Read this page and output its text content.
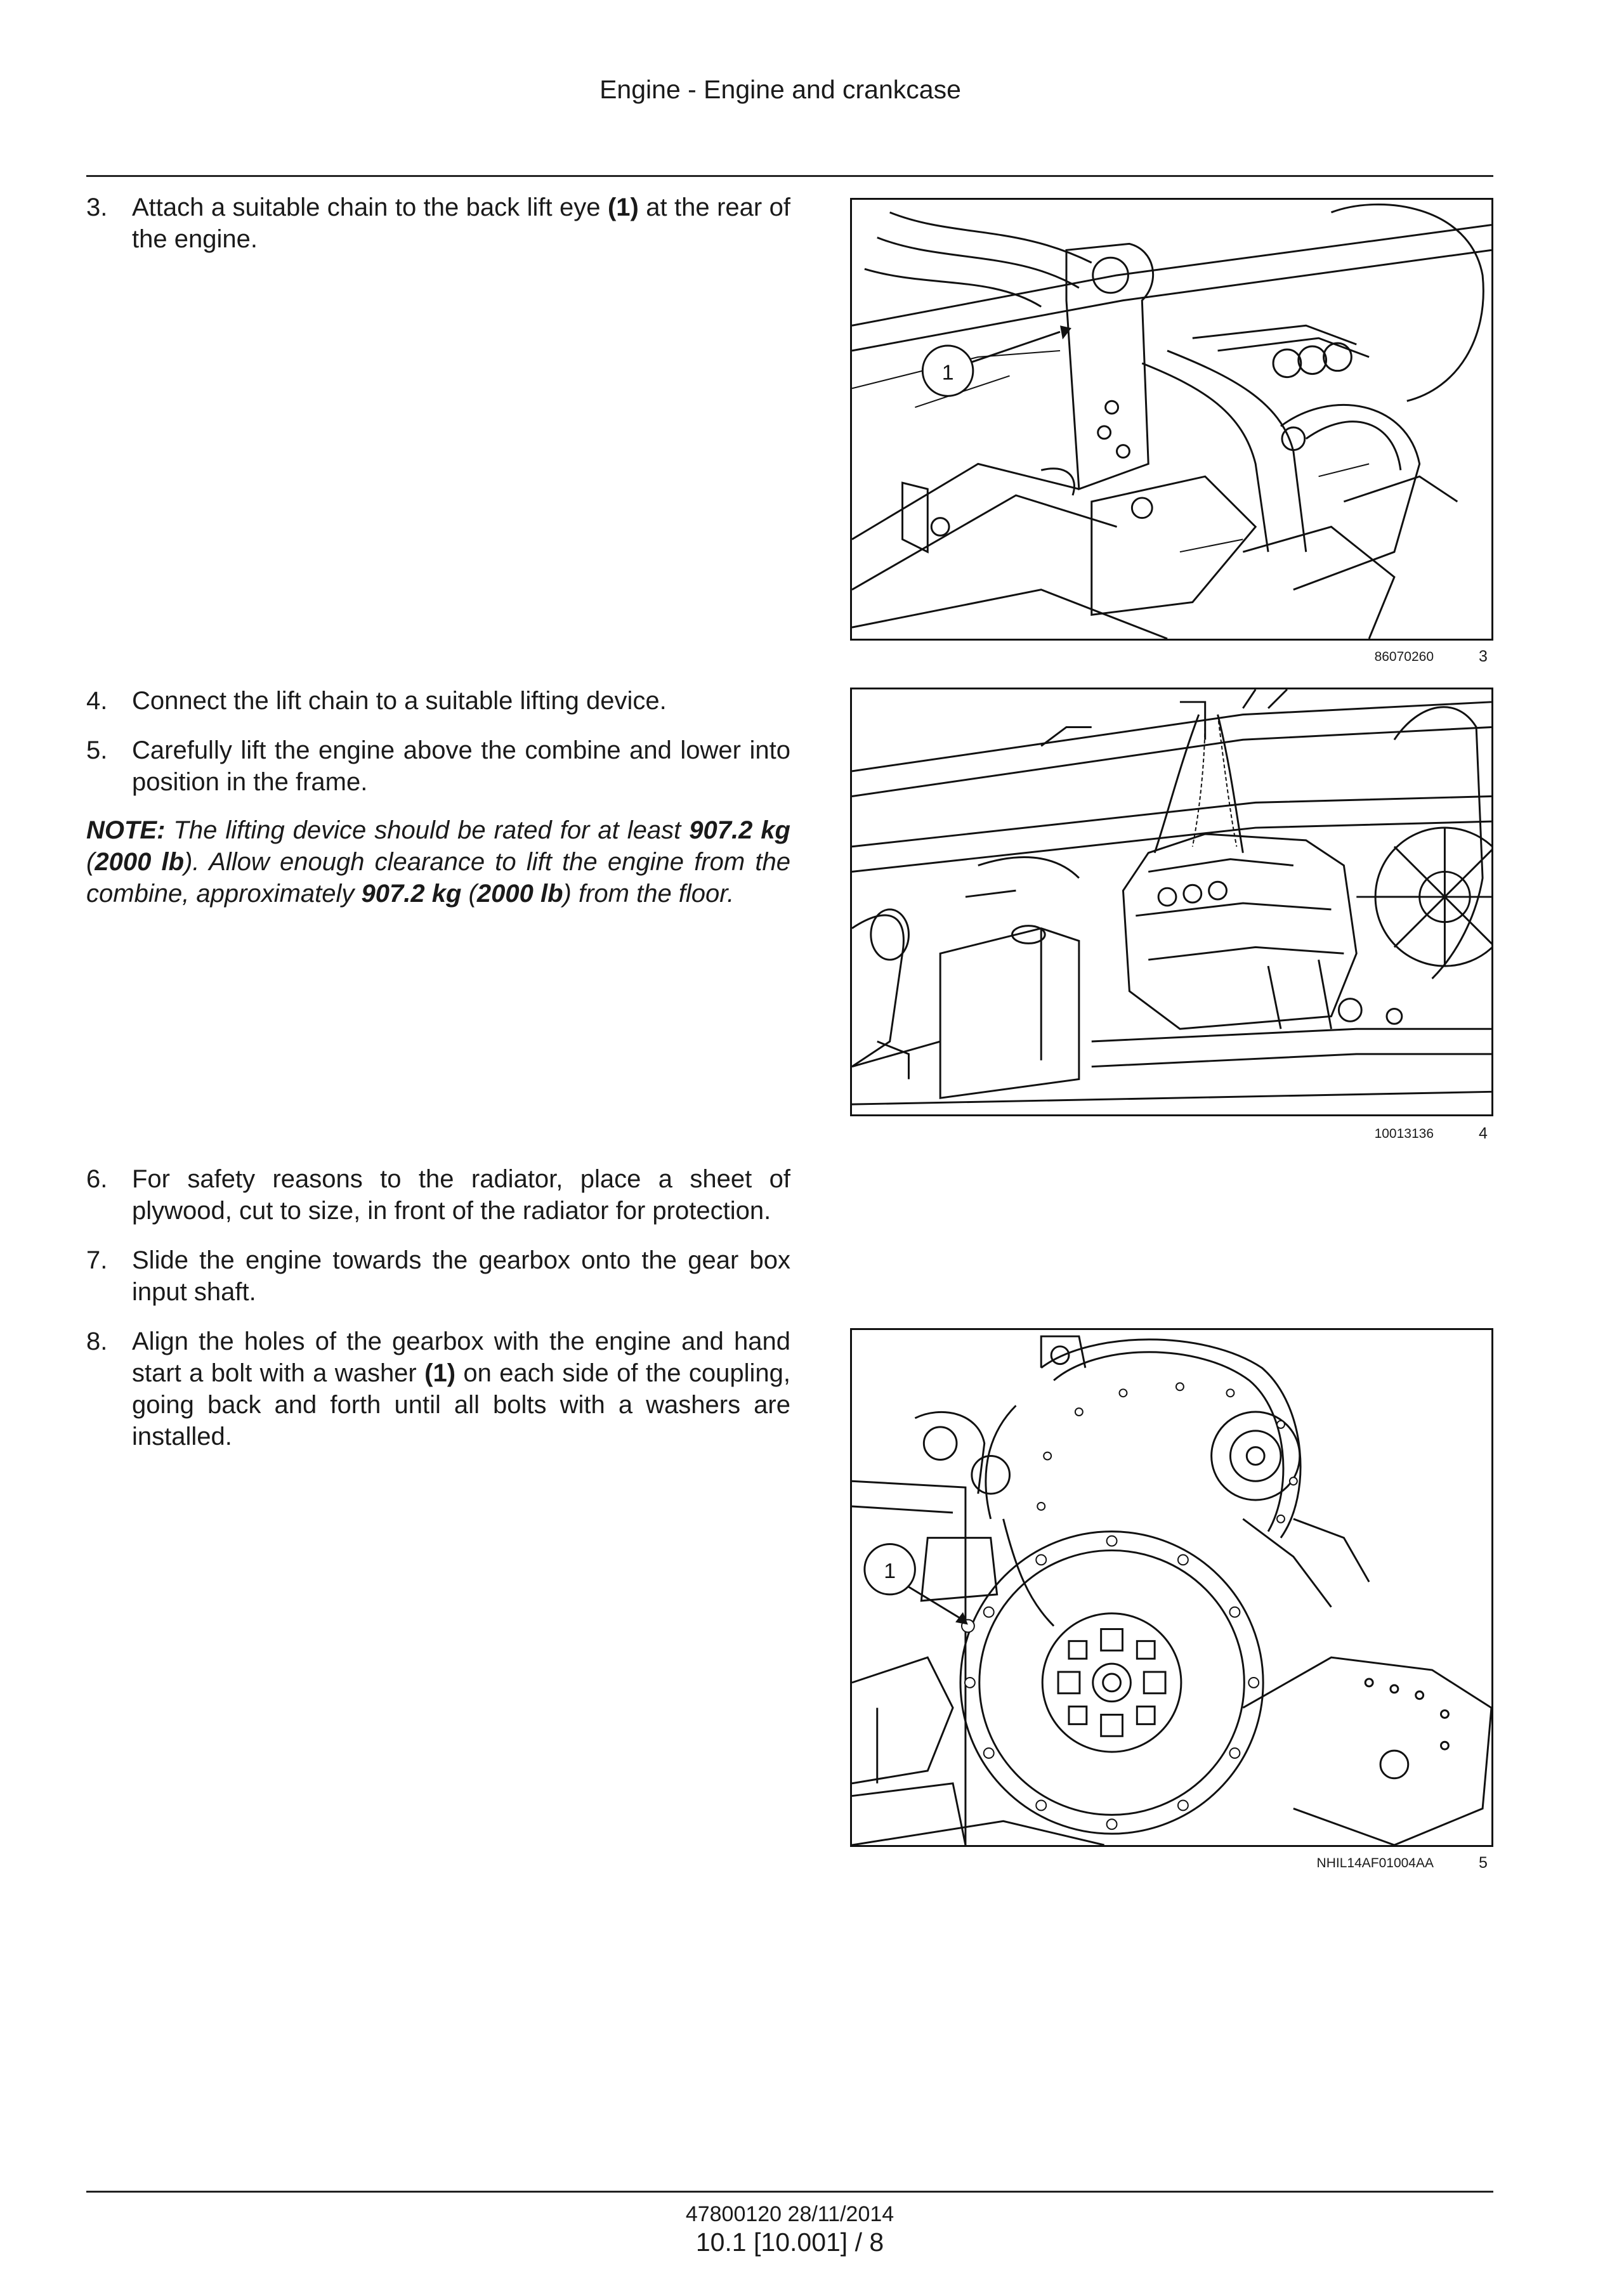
Engine - Engine and crankcase
3. Attach a suitable chain to the back lift eye (1) at the rear of the engine.
1
86070260	3
4. Connect the lift chain to a suitable lifting device.
5. Carefully lift the engine above the combine and lower into position in the frame.
NOTE: The lifting device should be rated for at least 907.2 kg (2000 lb). Allow enough clearance to lift the engine from the combine, approximately 907.2 kg (2000 lb) from the floor.
10013136	4
6. For safety reasons to the radiator, place a sheet of plywood, cut to size, in front of the radiator for protection.
7. Slide the engine towards the gearbox onto the gear box input shaft.
8. Align the holes of the gearbox with the engine and hand start a bolt with a washer (1) on each side of the coupling, going back and forth until all bolts with a washers are installed.
1
NHIL14AF01004AA	5
47800120 28/11/2014
10.1 [10.001] / 8
